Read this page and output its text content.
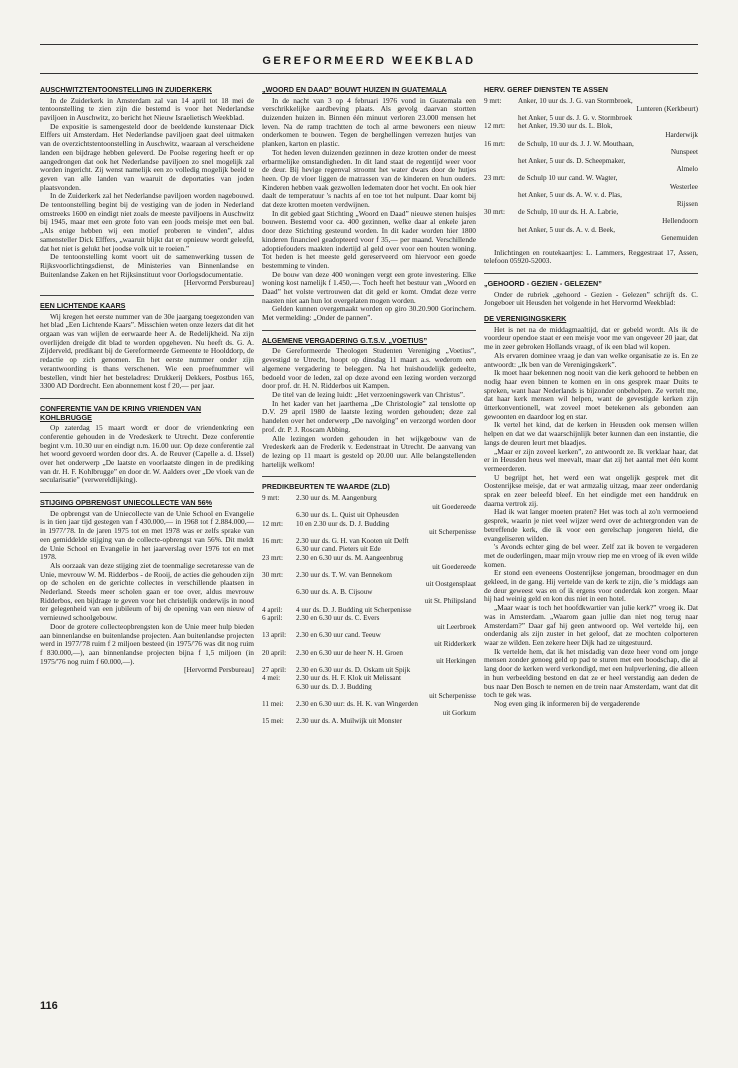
GEREFORMEERD WEEKBLAD
AUSCHWITZTENTOONSTELLING IN ZUIDERKERK

In de Zuiderkerk in Amsterdam zal van 14 april tot 18 mei de tentoonstelling te zien zijn die bestemd is voor het Nederlandse paviljoen in Auschwitz, zo bericht het Nieuw Israelietisch Weekblad.

De expositie is samengesteld door de beeldende kunstenaar Dick Elffers uit Amsterdam. Het Nederlandse paviljoen gaat deel uitmaken van de overzichtstentoonstelling in Auschwitz, waaraan al verscheidene landen een bijdrage hebben geleverd. De Poolse regering heeft er op aangedrongen dat ook het Nederlandse paviljoen zo snel mogelijk zal worden ingericht. Zij wenst namelijk een zo volledig mogelijk beeld te geven van alle landen van waaruit de deportaties van joden plaatsvonden.

In de Zuiderkerk zal het Nederlandse paviljoen worden nagebouwd. De tentoonstelling begint bij de vestiging van de joden in Nederland omstreeks 1600 en eindigt niet zoals de meeste paviljoens in Auschwitz bij 1945, maar met een grote foto van een joods meisje met een bal. „Als enige hebben wij een motief proberen te vinden”, aldus samensteller Dick Elffers, „waaruit blijkt dat er opnieuw wordt geleefd, dat het niet is gelukt het joodse volk uit te roeien.”

De tentoonstelling komt voort uit de samenwerking tussen de Rijksvoorlichtingsdienst, de Ministeries van Binnenlandse en Buitenlandse Zaken en het Rijksinstituut voor Oorlogsdocumentatie.

[Hervormd Persbureau]

EEN LICHTENDE KAARS

Wij kregen het eerste nummer van de 30e jaargang toegezonden van het blad „Een Lichtende Kaars”. Misschien weten onze lezers dat dit het orgaan was van wijlen de eerwaarde heer A. de Redelijkheid. Na zijn overlijden dreigde dit blad te worden opgeheven. Nu heeft ds. G. A. Zijderveld, predikant bij de Gereformeerde Gemeente te Hoolddorp, de redactie op zich genomen. En het eerste nummer onder zijn verantwoording is thans verschenen. Wie een proefnummer wil bestellen, vindt hier het besteladres: Drukkerij Dekkers, Postbus 165, 3300 AD Dordrecht. Een abonnement kost f 20,— per jaar.

CONFERENTIE VAN DE KRING VRIENDEN VAN KOHLBRUGGE

Op zaterdag 15 maart wordt er door de vriendenkring een conferentie gehouden in de Vredeskerk te Utrecht. Deze conferentie begint v.m. 10.30 uur en eindigt n.m. 16.00 uur. Op deze conferentie zal het woord gevoerd worden door drs. A. de Reuver (Capelle a. d. IJssel) over het onderwerp „De laatste en voorlaatste dingen in de prediking van dr. H. F. Kohlbrugge” en door dr. W. Aalders over „De vloek van de secularisatie” (verwereldlijking).

STIJGING OPBRENGST UNIECOLLECTE VAN 56%

De opbrengst van de Uniecollecte van de Unie School en Evangelie is in tien jaar tijd gestegen van f 430.000,— in 1968 tot f 2.884.000,— in 1977/'78. In de jaren 1975 tot en met 1978 was er zelfs sprake van een gemiddelde stijging van de collecte-opbrengst van 56%. Dit meldt de Unie School en Evangelie in het jaarverslag over 1976 tot en met 1978.

Als oorzaak van deze stijging ziet de toenmalige secretaresse van de Unie, mevrouw W. M. Ridderbos - de Rooij, de acties die gehouden zijn op de scholen en de gerichte collectes in verschillende plaatsen in Nederland. Steeds meer scholen gaan er toe over, aldus mevrouw Ridderbos, een bijdrage te geven voor het christelijk onderwijs in nood ter gelegenheid van een jubileum of bij de opening van een nieuw of vernieuwd schoolgebouw.

Door de grotere collecteopbrengsten kon de Unie meer hulp bieden aan binnenlandse en buitenlandse projecten. Aan buitenlandse projecten werd in 1977/'78 ruim f 2 miljoen besteed (in 1975/'76 was dit nog ruim f 830.000,—), aan binnenlandse projecten bijna f 1,5 miljoen (in 1975/'76 nog ruim f 60.000,—).

[Hervormd Persbureau]

„WOORD EN DAAD” BOUWT HUIZEN IN GUATEMALA

In de nacht van 3 op 4 februari 1976 vond in Guatemala een verschrikkelijke aardbeving plaats. Als gevolg daarvan stortten duizenden huizen in. Binnen één minuut verloren 23.000 mensen het leven. Na de ramp trachtten de toch al arme bewoners een nieuw onderkomen te bouwen. Tegen de berghellingen verrezen hutjes van planken, karton en plastic.

Tot heden leven duizenden gezinnen in deze krotten onder de meest erbarmelijke omstandigheden. In dit land staat de regentijd weer voor de deur. Bij hevige regenval stroomt het water dwars door de hutjes heen. Op de vloer liggen de matrassen van de kinderen en hun ouders. Kinderen hebben vaak gezwollen ledematen door het vocht. En ook hier daalt de temperatuur 's nachts af en toe tot het nulpunt. Daar komt bij dat deze krotten moeten verdwijnen.

In dit gebied gaat Stichting „Woord en Daad” nieuwe stenen huisjes bouwen. Bestemd voor ca. 400 gezinnen, welke daar al enkele jaren door deze Stichting gesteund worden. In dit kader worden hier 1800 kinderen financieel geadopteerd voor f 35,— per maand. Verschillende adoptiefouders maakten indertijd al geld over voor een houten woning. Tot heden is het meeste geld gereserveerd om hiervoor een goede bestemming te vinden.

De bouw van deze 400 woningen vergt een grote investering. Elke woning kost namelijk f 1.450,—. Toch heeft het bestuur van „Woord en Daad” het volste vertrouwen dat dit geld er komt. Omdat deze verre naasten niet aan hun lot overgelaten mogen worden.

Gelden kunnen overgemaakt worden op giro 30.20.900 Gorinchem. Met vermelding: „Onder de pannen”.

ALGEMENE VERGADERING G.T.S.V. „VOETIUS”

De Gereformeerde Theologen Studenten Vereniging „Voetius”, gevestigd te Utrecht, hoopt op dinsdag 11 maart a.s. wederom een algemene vergadering te beleggen. Na het huishoudelijk gedeelte, bedoeld voor de leden, zal op deze avond een lezing worden verzorgd door prof. dr. H. N. Ridderbos uit Kampen.

De titel van de lezing luidt: „Het verzoeningswerk van Christus”.

In het kader van het jaarthema „De Christologie” zal tenslotte op D.V. 29 april 1980 de laatste lezing worden gehouden; deze zal handelen over het onderwerp „De navolging” en verzorgd worden door prof. dr. P. J. Roscam Abbing.

Alle lezingen worden gehouden in het wijkgebouw van de Vredeskerk aan de Frederik v. Eedenstraat in Utrecht. De aanvang van de lezing op 11 maart is gesteld op 20.00 uur. Alle belangstellenden hartelijk welkom!

PREDIKBEURTEN TE WAARDE (ZLD)
9 mrt:	2.30 uur ds. M. Aangenburg
uit Goedereede

	6.30 uur ds. L. Quist uit Opheusden
12 mrt:	10 en 2.30 uur ds. D. J. Budding
uit Scherpenisse

16 mrt:	2.30 uur ds. G. H. van Kooten uit Delft
	6.30 uur cand. Pieters uit Ede
23 mrt:	2.30 en 6.30 uur ds. M. Aangeenbrug
uit Goedereede

30 mrt:	2.30 uur ds. T. W. van Bennekom
uit Oostgensplaat

	6.30 uur ds. A. B. Cijsouw
uit St. Philipsland

4 april:	4 uur ds. D. J. Budding uit Scherpenisse
6 april:	2.30 en 6.30 uur ds. C. Evers
uit Leerbroek

13 april:	2.30 en 6.30 uur cand. Teeuw
uit Ridderkerk

20 april:	2.30 en 6.30 uur de heer N. H. Groen
uit Herkingen

27 april:	2.30 en 6.30 uur ds. D. Oskam uit Spijk
4 mei:	2.30 uur ds. H. F. Klok uit Melissant
	6.30 uur ds. D. J. Budding
uit Scherpenisse

11 mei:	2.30 en 6.30 uur: ds. H. K. van Wingerden
uit Gorkum

15 mei:	2.30 uur ds. A. Muilwijk uit Monster
HERV. GEREF DIENSTEN TE ASSEN
9 mrt:	Anker, 10 uur ds. J. G. van Stormbroek,
Lunteren (Kerkbeurt)

	het Anker, 5 uur ds. J. G. v. Stormbroek
12 mrt:	het Anker, 19.30 uur ds. L. Blok,
Harderwijk

16 mrt:	de Schulp, 10 uur ds. J. J. W. Mouthaan,
Nunspeet

	het Anker, 5 uur ds. D. Scheepmaker,
Almelo

23 mrt:	de Schulp 10 uur cand. W. Wagter,
Westerlee

	het Anker, 5 uur ds. A. W. v. d. Plas,
Rijssen

30 mrt:	de Schulp, 10 uur ds. H. A. Labrie,
Hellendoorn

	het Anker, 5 uur ds. A. v. d. Beek,
Genemuiden

Inlichtingen en routekaartjes: L. Lammers, Reggestraat 17, Assen, telefoon 05920-52003.

„GEHOORD - GEZIEN - GELEZEN”

Onder de rubriek „gehoord - Gezien - Gelezen” schrijft ds. C. Jongeboer uit Heusden het volgende in het Hervormd Weekblad:

DE VERENIGINGSKERK

Het is net na de middagmaaltijd, dat er gebeld wordt. Als ik de voordeur opendoe staat er een meisje voor me van ongeveer 20 jaar, dat me in zeer gebroken Hollands vraagt, of ik een blad wil kopen.

Als ervaren dominee vraag je dan van welke organisatie ze is. En ze antwoordt: „Ik ben van de Verenigingskerk”.

Ik moet haar bekennen nog nooit van die kerk gehoord te hebben en nodig haar even binnen te komen en in ons gesprek maar Duits te spreken, want haar Nederlands is bijzonder onbeholpen. Ze vertelt me, dat haar kerk mensen wil helpen, want de gevestigde kerken zijn ütterkonventionell, wat zoveel moet betekenen als gebonden aan gewoonten en daardoor log en star.

Ik vertel het kind, dat de kerken in Heusden ook mensen willen helpen en dat we dat waarschijnlijk beter kunnen dan een instantie, die langs de deuren leurt met blaadjes.

„Maar er zijn zoveel kerken”, zo antwoordt ze. Ik verklaar haar, dat er in Heusden heus wel meevalt, maar dat zij het aantal met één komt vermeerderen.

U begrijpt het, het werd een wat ongelijk gesprek met dit Oostenrijkse meisje, dat er wat armzalig uitzag, maar zeer onderdanig sprak en zeer beleefd bleef. En het eindigde met een handdruk en daarna vertrok zij.

Had ik wat langer moeten praten? Het was toch al zo'n vermoeiend gesprek, waarin je niet veel wijzer werd over de achtergronden van de betreffende kerk, die ik voor een gerelschap jongeren hield, die evangeliseren wilden.

's Avonds echter ging de bel weer. Zelf zat ik boven te vergaderen met de ouderlingen, maar mijn vrouw riep me en vroeg of ik even wilde komen.

Er stond een eveneens Oostenrijkse jongeman, broodmager en dun gekleed, in de gang. Hij vertelde van de kerk te zijn, die 's middags aan de deur geweest was en of ik ergens voor onderdak kon zorgen. Maar hij had weinig geld en kon dus niet in een hotel.

„Maar waar is toch het hoofdkwartier van julie kerk?” vroeg ik. Dat was in Amsterdam. „Waarom gaan jullie dan niet nog terug naar Amsterdam?” Daar gaf hij geen antwoord op. Wel vertelde hij, een onderdanig als zijn zuster in het geloof, dat ze mochten colporteren waar ze wilden. Een zekere heer Dijk had ze uitgestuurd.

Ik vertelde hem, dat ik het misdadig van deze heer vond om jonge mensen zonder genoeg geld op pad te sturen met een boodschap, die al lang door de kerken werd verkondigd, met een hulpverlening, die alleen in hun verbeelding bestond en dat ze er heel verstandig aan deden de bus naar Den Bosch te nemen en de trein naar Amsterdam, want dat dit toch te gek was.

Nog even ging ik informeren bij de vergaderende

116
